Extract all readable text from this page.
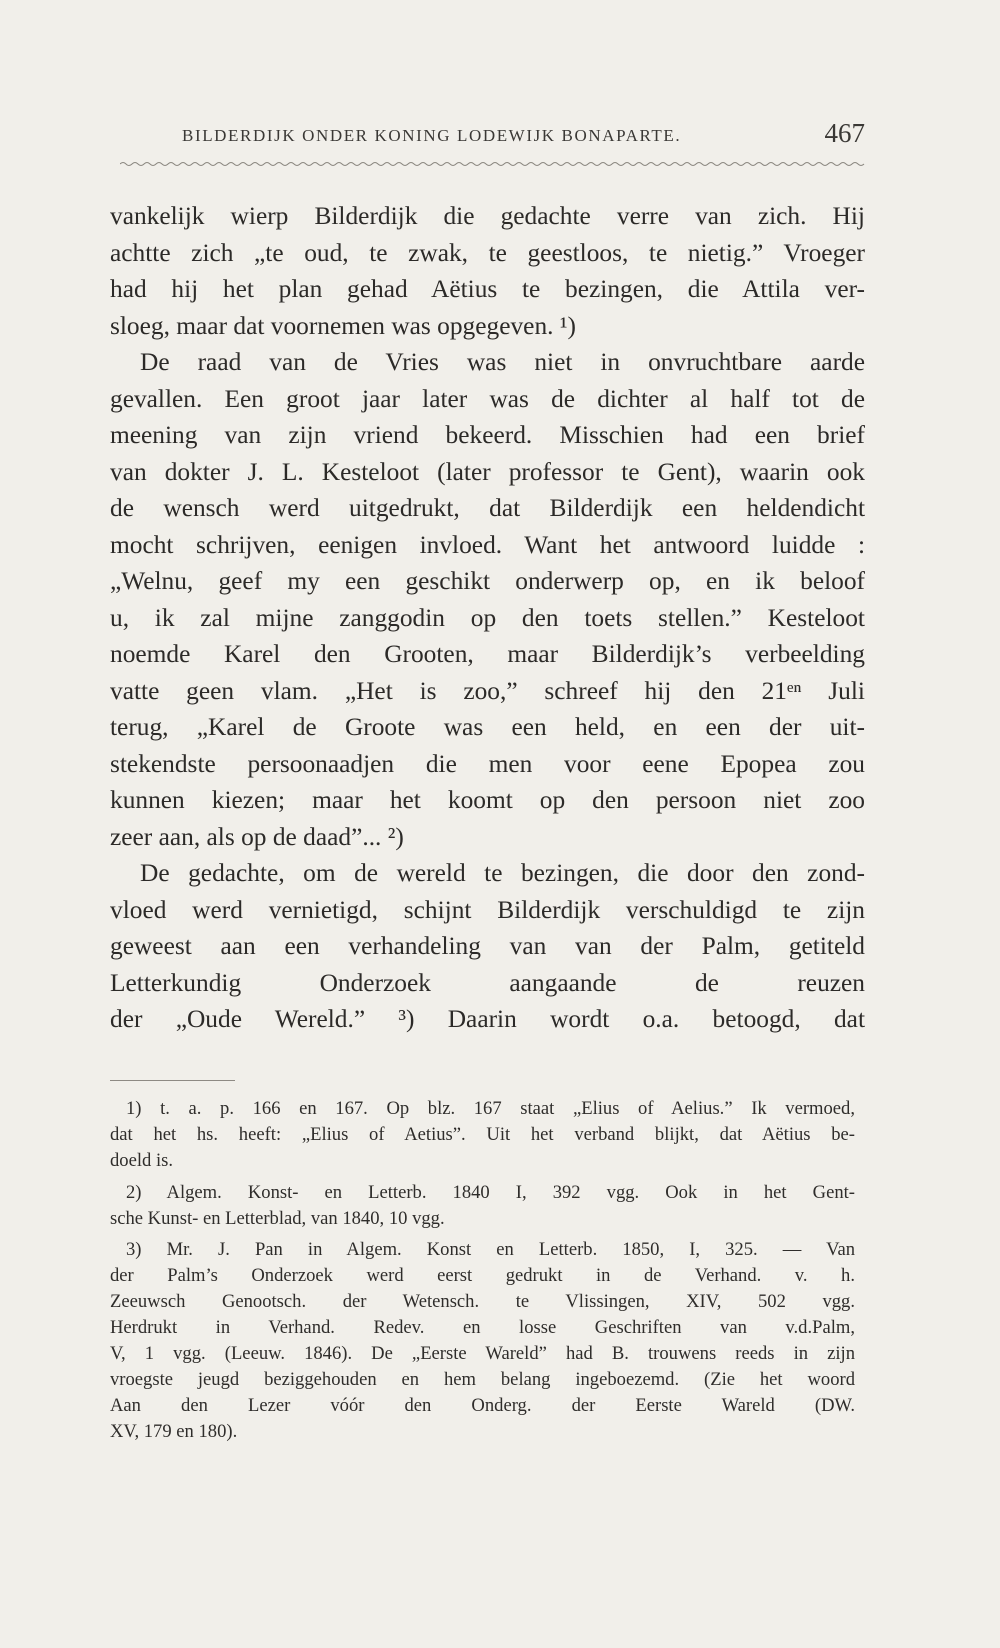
BILDERDIJK ONDER KONING LODEWIJK BONAPARTE.	467
vankelijk wierp Bilderdijk die gedachte verre van zich. Hij
achtte zich „te oud, te zwak, te geestloos, te nietig.” Vroeger
had hij het plan gehad Aëtius te bezingen, die Attila ver-
sloeg, maar dat voornemen was opgegeven. ¹)
De raad van de Vries was niet in onvruchtbare aarde
gevallen. Een groot jaar later was de dichter al half tot de
meening van zijn vriend bekeerd. Misschien had een brief
van dokter J. L. Kesteloot (later professor te Gent), waarin ook
de wensch werd uitgedrukt, dat Bilderdijk een heldendicht
mocht schrijven, eenigen invloed. Want het antwoord luidde :
„Welnu, geef my een geschikt onderwerp op, en ik beloof
u, ik zal mijne zanggodin op den toets stellen.” Kesteloot
noemde Karel den Grooten, maar Bilderdijk’s verbeelding
vatte geen vlam. „Het is zoo,” schreef hij den 21ᵉⁿ Juli
terug, „Karel de Groote was een held, en een der uit-
stekendste persoonaadjen die men voor eene Epopea zou
kunnen kiezen; maar het koomt op den persoon niet zoo
zeer aan, als op de daad”... ²)
De gedachte, om de wereld te bezingen, die door den zond-
vloed werd vernietigd, schijnt Bilderdijk verschuldigd te zijn
geweest aan een verhandeling van van der Palm, getiteld
Letterkundig Onderzoek aangaande de reuzen
der „Oude Wereld.” ³) Daarin wordt o.a. betoogd, dat
1) t. a. p. 166 en 167. Op blz. 167 staat „Elius of Aelius.” Ik vermoed,
dat het hs. heeft: „Elius of Aetius”. Uit het verband blijkt, dat Aëtius be-
doeld is.
2) Algem. Konst- en Letterb. 1840 I, 392 vgg. Ook in het Gent-
sche Kunst- en Letterblad, van 1840, 10 vgg.
3) Mr. J. Pan in Algem. Konst en Letterb. 1850, I, 325. — Van
der Palm’s Onderzoek werd eerst gedrukt in de Verhand. v. h.
Zeeuwsch Genootsch. der Wetensch. te Vlissingen, XIV, 502 vgg.
Herdrukt in Verhand. Redev. en losse Geschriften van v.d.Palm,
V, 1 vgg. (Leeuw. 1846). De „Eerste Wareld” had B. trouwens reeds in zijn
vroegste jeugd beziggehouden en hem belang ingeboezemd. (Zie het woord
Aan den Lezer vóór den Onderg. der Eerste Wareld (DW.
XV, 179 en 180).
